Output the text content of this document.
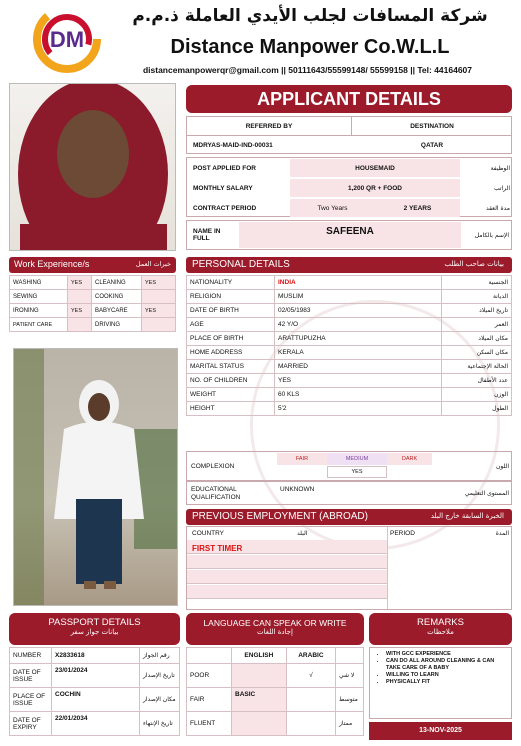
DM
شركة المسافات لجلب الأيدي العاملة ذ.م.م
Distance Manpower Co.W.L.L
distancemanpowerqr@gmail.com || 50111643/55599148/ 55599158 || Tel: 44164607
APPLICANT DETAILS
REFERRED BY	DESTINATION
MDRYAS-MAID-IND-00031	QATAR
POST APPLIED FOR	HOUSEMAID	الوظيفة
MONTHLY SALARY	1,200 QR + FOOD	الراتب
CONTRACT PERIOD	Two Years	2 YEARS	مدة العقد
NAME IN FULL
SAFEENA	الإسم بالكامل
Work Experience/s	خبرات العمل
WASHING	YES	CLEANING	YES
SEWING		COOKING	
IRONING	YES	BABYCARE	YES
PATIENT CARE		DRIVING	
PERSONAL DETAILS	بيانات صاحب الطلب
NATIONALITY	INDIA	الجنسية
RELIGION	MUSLIM	الديانة
DATE OF BIRTH	02/05/1983	تاريخ الميلاد
AGE	42 Y/O	العمر
PLACE OF BIRTH	ARATTUPUZHA	مكان الميلاد
HOME ADDRESS	KERALA	مكان السكن
MARITAL STATUS	MARRIED	الحالة الإجتماعية
NO. OF CHILDREN	YES	عدد الأطفال
WEIGHT	60 KLS	الوزن
HEIGHT	5'2	الطول
COMPLEXION
FAIR	MEDIUM	DARK
YES
اللون
EDUCATIONAL QUALIFICATION
UNKNOWN
المستوى التعليمي
PREVIOUS EMPLOYMENT (ABROAD)	الخبرة السابقة خارج البلد
COUNTRY	البلد	PERIOD	المدة
FIRST TIMER
PASSPORT DETAILS
بيانات جواز سفر
NUMBER	X2833618	رقم الجواز
DATE OF ISSUE	23/01/2024	تاريخ الإصدار
PLACE OF ISSUE	COCHIN	مكان الإصدار
DATE OF EXPIRY	22/01/2034	تاريخ الإنتهاء
LANGUAGE CAN SPEAK OR WRITE
إجادة اللغات
	ENGLISH	ARABIC	
POOR		√	لا شي
FAIR	BASIC		متوسط
FLUENT			ممتاز
REMARKS
ملاحظات
• WITH GCC EXPERIENCE
• CAN DO ALL AROUND CLEANING & CAN TAKE CARE OF A BABY
• WILLING TO LEARN
• PHYSICALLY FIT
13-NOV-2025
